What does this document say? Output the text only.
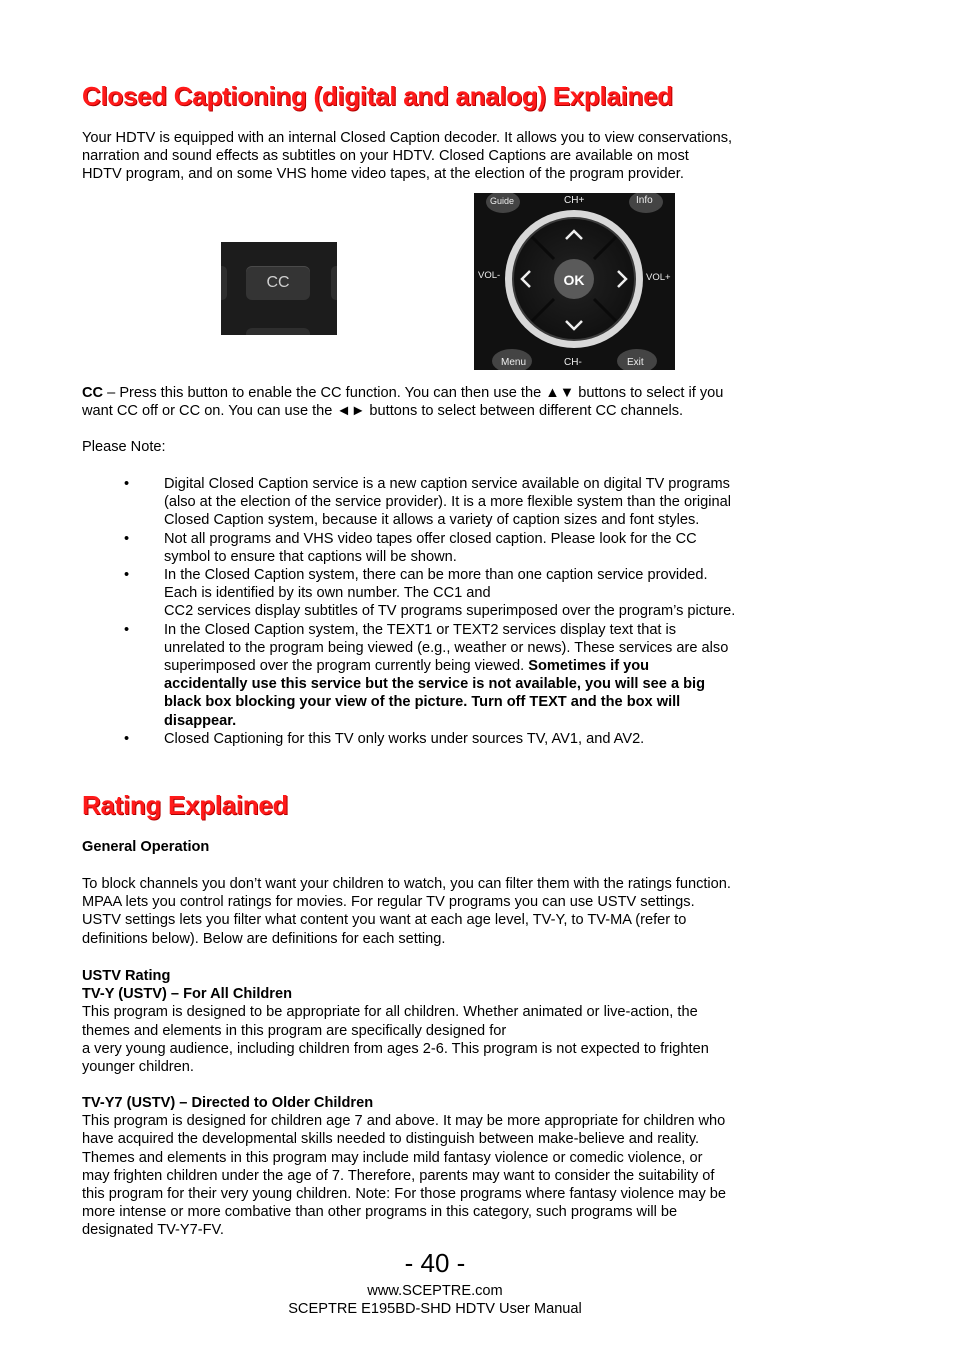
Closed Captioning (digital and analog) Explained

Your HDTV is equipped with an internal Closed Caption decoder. It allows you to view conservations,

narration and sound effects as subtitles on your HDTV. Closed Captions are available on most

HDTV program, and on some VHS home video tapes, at the election of the program provider.

CC
Guide	Info
CH+
VOL-	VOL+
OK
Menu	CH-	Exit

CC – Press this button to enable the CC function. You can then use the ▲▼ buttons to select if you

want CC off or CC on. You can use the ◄► buttons to select between different CC channels.

Please Note:
• Digital Closed Caption service is a new caption service available on digital TV programs

(also at the election of the service provider). It is a more flexible system than the original

Closed Caption system, because it allows a variety of caption sizes and font styles.

• Not all programs and VHS video tapes offer closed caption. Please look for the CC

symbol to ensure that captions will be shown.

• In the Closed Caption system, there can be more than one caption service provided.

Each is identified by its own number. The CC1 and

CC2 services display subtitles of TV programs superimposed over the program’s picture.

• In the Closed Caption system, the TEXT1 or TEXT2 services display text that is

unrelated to the program being viewed (e.g., weather or news). These services are also

superimposed over the program currently being viewed. Sometimes if you

accidentally use this service but the service is not available, you will see a big

black box blocking your view of the picture. Turn off TEXT and the box will

disappear.

• Closed Captioning for this TV only works under sources TV, AV1, and AV2.

Rating Explained
General Operation

To block channels you don’t want your children to watch, you can filter them with the ratings function.

MPAA lets you control ratings for movies. For regular TV programs you can use USTV settings.

USTV settings lets you filter what content you want at each age level, TV-Y, to TV-MA (refer to

definitions below). Below are definitions for each setting.

USTV Rating

TV-Y (USTV) – For All Children

This program is designed to be appropriate for all children. Whether animated or live-action, the

themes and elements in this program are specifically designed for

a very young audience, including children from ages 2-6. This program is not expected to frighten

younger children.

TV-Y7 (USTV) – Directed to Older Children

This program is designed for children age 7 and above. It may be more appropriate for children who

have acquired the developmental skills needed to distinguish between make-believe and reality.

Themes and elements in this program may include mild fantasy violence or comedic violence, or

may frighten children under the age of 7. Therefore, parents may want to consider the suitability of

this program for their very young children. Note: For those programs where fantasy violence may be

more intense or more combative than other programs in this category, such programs will be

designated TV-Y7-FV.

- 40 -
www.SCEPTRE.com
SCEPTRE E195BD-SHD HDTV User Manual
